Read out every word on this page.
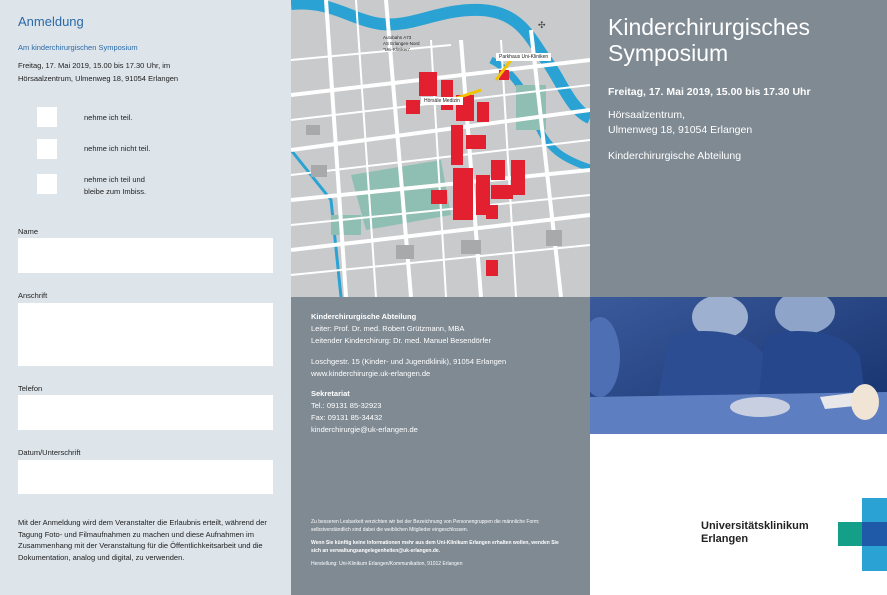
Anmeldung
Am kinderchirurgischen Symposium
Freitag, 17. Mai 2019, 15.00 bis 17.30 Uhr, im
Hörsaalzentrum, Ulmenweg 18, 91054 Erlangen
nehme ich teil.
nehme ich nicht teil.
nehme ich teil und
bleibe zum Imbiss.
Name
Anschrift
Telefon
Datum/Unterschrift
Mit der Anmeldung wird dem Veranstalter die Erlaubnis erteilt, während der Tagung Foto- und Filmaufnahmen zu machen und diese Aufnahmen im Zusammenhang mit der Veranstaltung für die Öffentlichkeitsarbeit und die Dokumentation, analog und digital, zu verwenden.
Parkhaus Uni-Kliniken
Hörsäle Medizin
Autobahn A73
AS Erlangen-Nord
"Uni-Kliniken"
✣
Kinderchirurgische Abteilung
Leiter: Prof. Dr. med. Robert Grützmann, MBA
Leitender Kinderchirurg: Dr. med. Manuel Besendörfer
Loschgestr. 15 (Kinder- und Jugendklinik), 91054 Erlangen
www.kinderchirurgie.uk-erlangen.de
Sekretariat
Tel.: 09131 85-32923
Fax: 09131 85-34432
kinderchirurgie@uk-erlangen.de
Zu besseren Lesbarkeit verzichten wir bei der Bezeichnung von Personengruppen die männliche Form; selbstverständlich sind dabei die weiblichen Mitglieder eingeschlossen.
Wenn Sie künftig keine Informationen mehr aus dem Uni-Klinikum Erlangen erhalten wollen, wenden Sie sich an verwaltungsangelegenheiten@uk-erlangen.de.
Herstellung: Uni-Klinikum Erlangen/Kommunikation, 91012 Erlangen
Kinderchirurgisches
Symposium
Freitag, 17. Mai 2019, 15.00 bis 17.30 Uhr
Hörsaalzentrum,
Ulmenweg 18, 91054 Erlangen
Kinderchirurgische Abteilung
Universitätsklinikum
Erlangen
